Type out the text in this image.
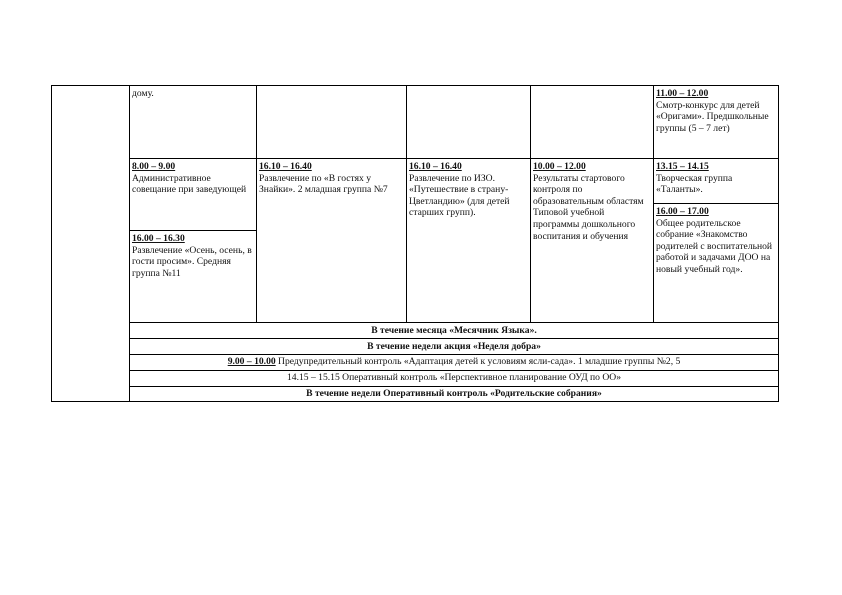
дому.	11.00 – 12.00
Смотр-конкурс для детей «Оригами». Предшкольные группы (5 – 7 лет)
8.00 – 9.00
Административное совещание при заведующей
16.00 – 16.30
Развлечение «Осень, осень, в гости просим». Средняя группа №11
16.10 – 16.40
Развлечение по «В гостях у Знайки». 2 младшая группа №7
16.10 – 16.40
Развлечение по ИЗО. «Путешествие в страну- Цветландию» (для детей старших групп).
10.00 – 12.00
Результаты стартового контроля по образовательным областям Типовой учебной программы дошкольного воспитания и обучения
13.15 – 14.15
Творческая группа «Таланты».
16.00 – 17.00
Общее родительское собрание «Знакомство родителей с воспитательной работой и задачами ДОО на новый учебный год».
В течение месяца «Месячник Языка».
В течение недели акция «Неделя добра»
9.00 – 10.00 Предупредительный контроль «Адаптация детей к условиям ясли-сада». 1 младшие группы №2, 5
14.15 – 15.15 Оперативный контроль «Перспективное планирование ОУД по ОО»
В течение недели Оперативный контроль «Родительские собрания»
